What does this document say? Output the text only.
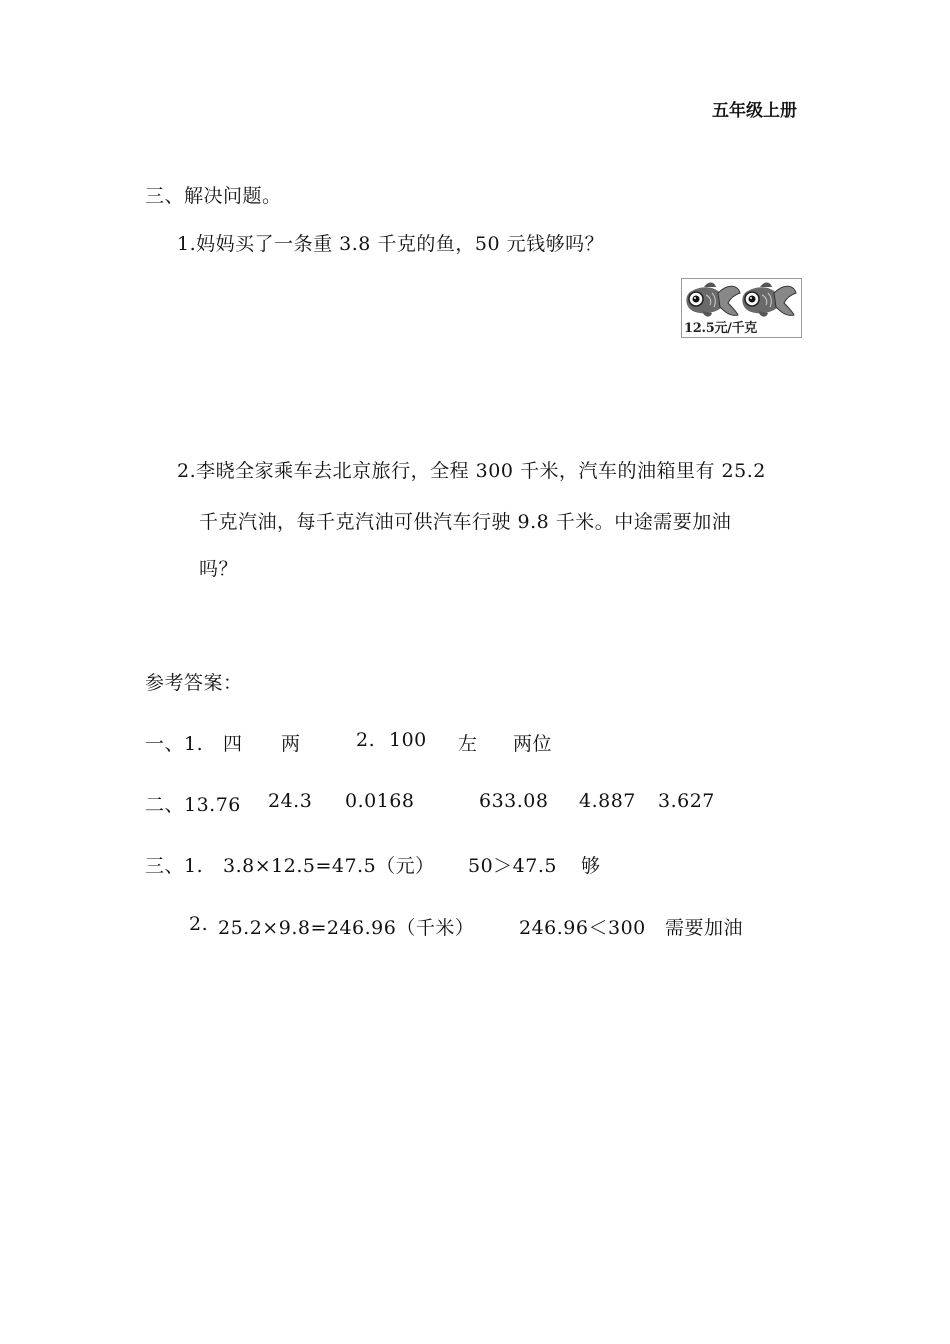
五年级上册
三、解决问题。
1.妈妈买了一条重 3.8 千克的鱼，50 元钱够吗？
12.5元/千克
2.李晓全家乘车去北京旅行，全程 300 千米，汽车的油箱里有 25.2
千克汽油，每千克汽油可供汽车行驶 9.8 千米。中途需要加油
吗？
参考答案：
一、1. 四 两	2. 100 左 两位
二、13.76 24.3 0.0168	633.08 4.887 3.627
三、1. 3.8×12.5=47.5（元） 50＞47.5 够
2. 25.2×9.8=246.96（千米） 246.96＜300 需要加油
